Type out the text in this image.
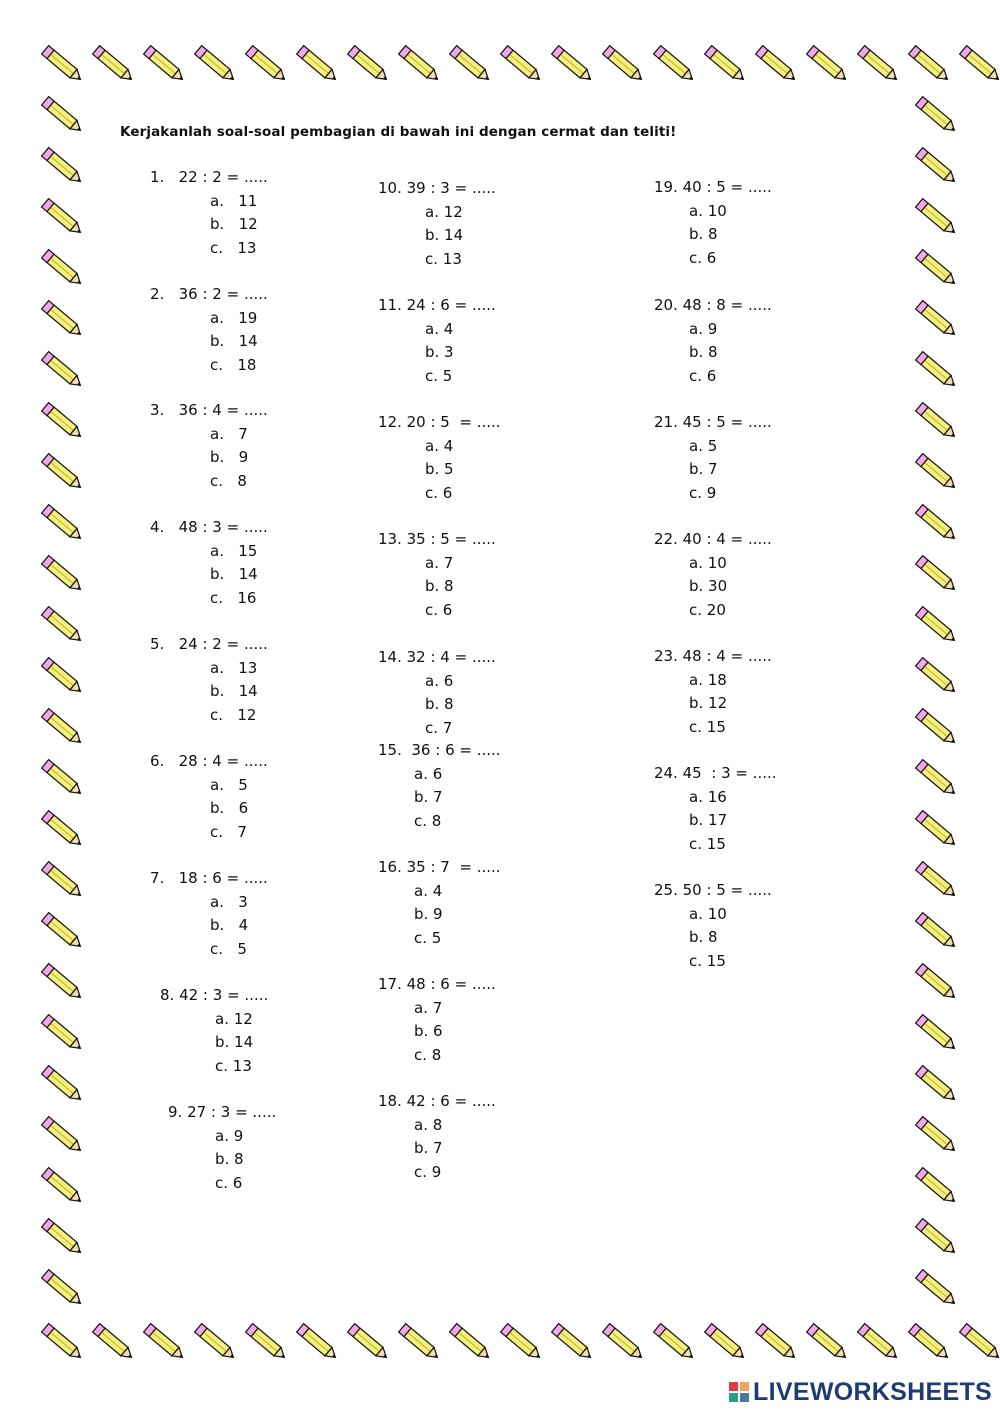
Kerjakanlah soal-soal pembagian di bawah ini dengan cermat dan teliti!
1.   22 : 2 = .....
a.   11
b.   12
c.   13
2.   36 : 2 = .....
a.   19
b.   14
c.   18
3.   36 : 4 = .....
a.   7
b.   9
c.   8
4.   48 : 3 = .....
a.   15
b.   14
c.   16
5.   24 : 2 = .....
a.   13
b.   14
c.   12
6.   28 : 4 = .....
a.   5
b.   6
c.   7
7.   18 : 6 = .....
a.   3
b.   4
c.   5
8. 42 : 3 = .....
a. 12
b. 14
c. 13
9. 27 : 3 = .....
a. 9
b. 8
c. 6
10. 39 : 3 = .....
a. 12
b. 14
c. 13
11. 24 : 6 = .....
a. 4
b. 3
c. 5
12. 20 : 5  = .....
a. 4
b. 5
c. 6
13. 35 : 5 = .....
a. 7
b. 8
c. 6
14. 32 : 4 = .....
a. 6
b. 8
c. 7
15.  36 : 6 = .....
a. 6
b. 7
c. 8
16. 35 : 7  = .....
a. 4
b. 9
c. 5
17. 48 : 6 = .....
a. 7
b. 6
c. 8
18. 42 : 6 = .....
a. 8
b. 7
c. 9
19. 40 : 5 = .....
a. 10
b. 8
c. 6
20. 48 : 8 = .....
a. 9
b. 8
c. 6
21. 45 : 5 = .....
a. 5
b. 7
c. 9
22. 40 : 4 = .....
a. 10
b. 30
c. 20
23. 48 : 4 = .....
a. 18
b. 12
c. 15
24. 45  : 3 = .....
a. 16
b. 17
c. 15
25. 50 : 5 = .....
a. 10
b. 8
c. 15
LIVEWORKSHEETS
